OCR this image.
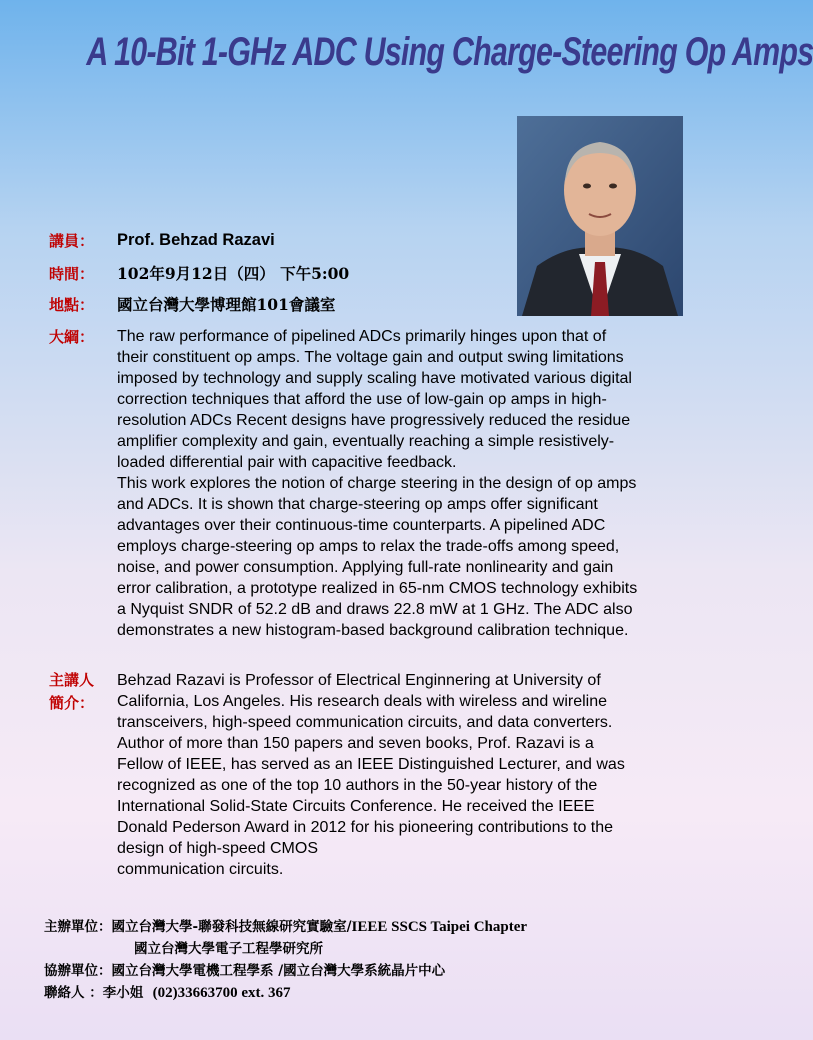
A 10-Bit 1-GHz ADC Using Charge-Steering Op Amps
講員： Prof. Behzad Razavi
時間： 102年9月12日（四） 下午5:00
地點： 國立台灣大學博理館101會議室
大綱： The raw performance of pipelined ADCs primarily hinges upon that of
their constituent op amps. The voltage gain and output swing limitations
imposed by technology and supply scaling have motivated various digital
correction techniques that afford the use of low-gain op amps in high-
resolution ADCs Recent designs have progressively reduced the residue
amplifier complexity and gain, eventually reaching a simple resistively-
loaded differential pair with capacitive feedback.
This work explores the notion of charge steering in the design of op amps
and ADCs. It is shown that charge-steering op amps offer significant
advantages over their continuous-time counterparts. A pipelined ADC
employs charge-steering op amps to relax the trade-offs among speed,
noise, and power consumption. Applying full-rate nonlinearity and gain
error calibration, a prototype realized in 65-nm CMOS technology exhibits
a Nyquist SNDR of 52.2 dB and draws 22.8 mW at 1 GHz. The ADC also
demonstrates a new histogram-based background calibration technique.
主講人
簡介：
Behzad Razavi is Professor of Electrical Enginnering at University of
California, Los Angeles. His research deals with wireless and wireline
transceivers, high-speed communication circuits, and data converters.
Author of more than 150 papers and seven books, Prof. Razavi is a
Fellow of IEEE, has served as an IEEE Distinguished Lecturer, and was
recognized as one of the top 10 authors in the 50-year history of the
International Solid-State Circuits Conference. He received the IEEE
Donald Pederson Award in 2012 for his pioneering contributions to the
design of high-speed CMOS
communication circuits.
主辦單位：國立台灣大學-聯發科技無線研究實驗室/IEEE SSCS Taipei Chapter
國立台灣大學電子工程學研究所
協辦單位：國立台灣大學電機工程學系 /國立台灣大學系統晶片中心
聯絡人 ：李小姐 (02)33663700 ext. 367
